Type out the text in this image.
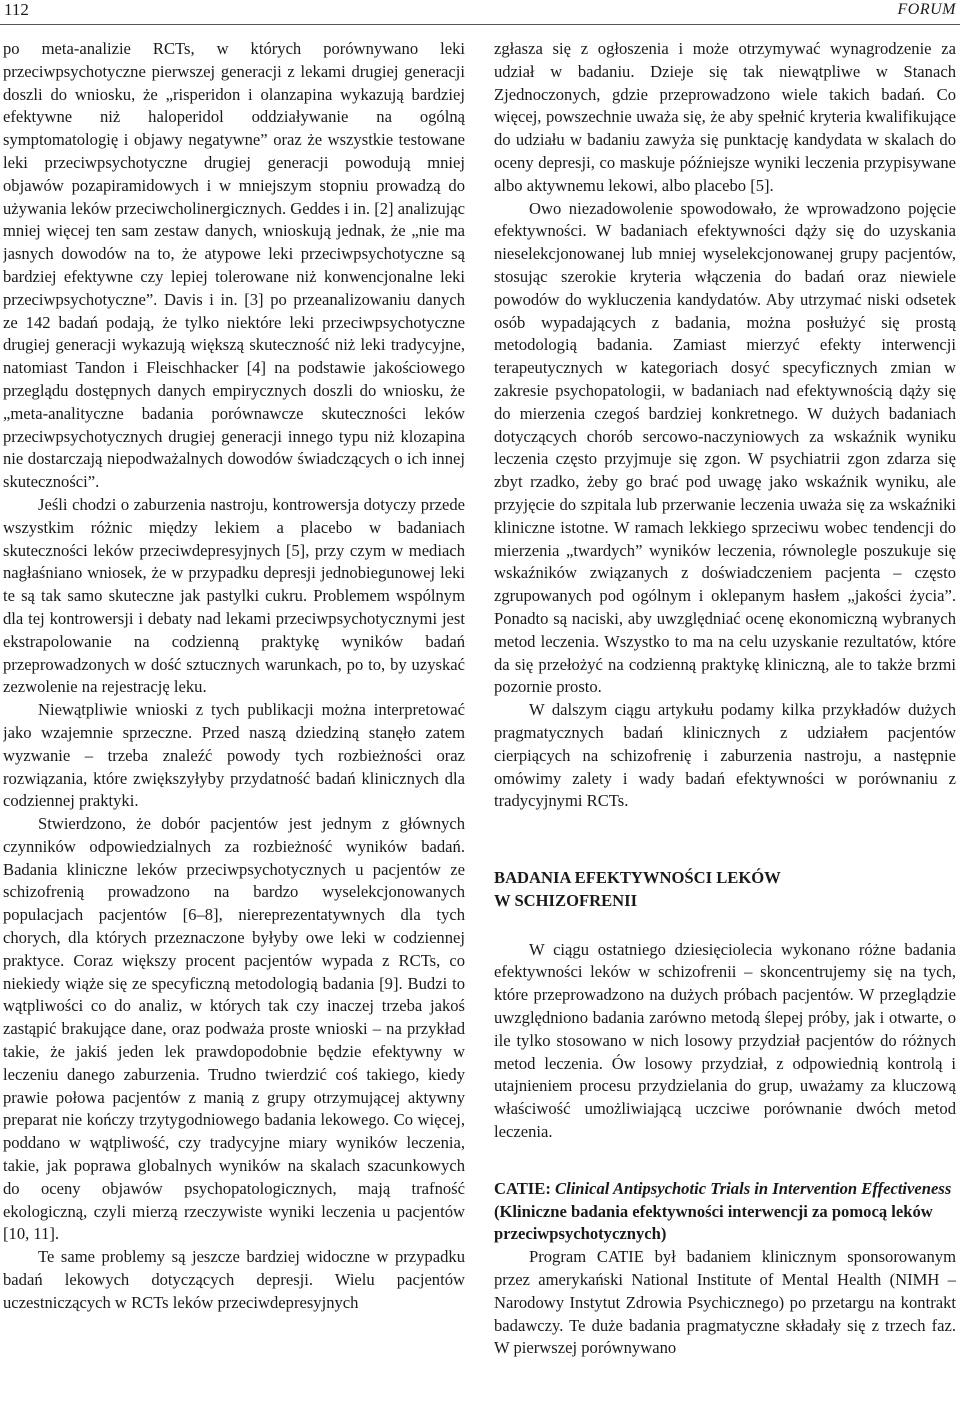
112	FORUM

po meta-analizie RCTs, w których porównywano leki przeciwpsychotyczne pierwszej generacji z lekami drugiej generacji doszli do wniosku, że „risperidon i olanzapina wykazują bardziej efektywne niż haloperidol oddziaływanie na ogólną symptomatologię i objawy negatywne” oraz że wszystkie testowane leki przeciwpsychotyczne drugiej generacji powodują mniej objawów pozapiramidowych i w mniejszym stopniu prowadzą do używania leków przeciwcholinergicznych. Geddes i in. [2] analizując mniej więcej ten sam zestaw danych, wnioskują jednak, że „nie ma jasnych dowodów na to, że atypowe leki przeciwpsychotyczne są bardziej efektywne czy lepiej tolerowane niż konwencjonalne leki przeciwpsychotyczne”. Davis i in. [3] po przeanalizowaniu danych ze 142 badań podają, że tylko niektóre leki przeciwpsychotyczne drugiej generacji wykazują większą skuteczność niż leki tradycyjne, natomiast Tandon i Fleischhacker [4] na podstawie jakościowego przeglądu dostępnych danych empirycznych doszli do wniosku, że „meta-analityczne badania porównawcze skuteczności leków przeciwpsychotycznych drugiej generacji innego typu niż klozapina nie dostarczają niepodważalnych dowodów świadczących o ich innej skuteczności”.

Jeśli chodzi o zaburzenia nastroju, kontrowersja dotyczy przede wszystkim różnic między lekiem a placebo w badaniach skuteczności leków przeciwdepresyjnych [5], przy czym w mediach nagłaśniano wniosek, że w przypadku depresji jednobiegunowej leki te są tak samo skuteczne jak pastylki cukru. Problemem wspólnym dla tej kontrowersji i debaty nad lekami przeciwpsychotycznymi jest ekstrapolowanie na codzienną praktykę wyników badań przeprowadzonych w dość sztucznych warunkach, po to, by uzyskać zezwolenie na rejestrację leku.

Niewątpliwie wnioski z tych publikacji można interpretować jako wzajemnie sprzeczne. Przed naszą dziedziną stanęło zatem wyzwanie – trzeba znaleźć powody tych rozbieżności oraz rozwiązania, które zwiększyłyby przydatność badań klinicznych dla codziennej praktyki.

Stwierdzono, że dobór pacjentów jest jednym z głównych czynników odpowiedzialnych za rozbieżność wyników badań. Badania kliniczne leków przeciwpsychotycznych u pacjentów ze schizofrenią prowadzono na bardzo wyselekcjonowanych populacjach pacjentów [6–8], niereprezentatywnych dla tych chorych, dla których przeznaczone byłyby owe leki w codziennej praktyce. Coraz większy procent pacjentów wypada z RCTs, co niekiedy wiąże się ze specyficzną metodologią badania [9]. Budzi to wątpliwości co do analiz, w których tak czy inaczej trzeba jakoś zastąpić brakujące dane, oraz podważa proste wnioski – na przykład takie, że jakiś jeden lek prawdopodobnie będzie efektywny w leczeniu danego zaburzenia. Trudno twierdzić coś takiego, kiedy prawie połowa pacjentów z manią z grupy otrzymującej aktywny preparat nie kończy trzytygodniowego badania lekowego. Co więcej, poddano w wątpliwość, czy tradycyjne miary wyników leczenia, takie, jak poprawa globalnych wyników na skalach szacunkowych do oceny objawów psychopatologicznych, mają trafność ekologiczną, czyli mierzą rzeczywiste wyniki leczenia u pacjentów [10, 11].

Te same problemy są jeszcze bardziej widoczne w przypadku badań lekowych dotyczących depresji. Wielu pacjentów uczestniczących w RCTs leków przeciwdepresyjnych

zgłasza się z ogłoszenia i może otrzymywać wynagrodzenie za udział w badaniu. Dzieje się tak niewątpliwe w Stanach Zjednoczonych, gdzie przeprowadzono wiele takich badań. Co więcej, powszechnie uważa się, że aby spełnić kryteria kwalifikujące do udziału w badaniu zawyża się punktację kandydata w skalach do oceny depresji, co maskuje późniejsze wyniki leczenia przypisywane albo aktywnemu lekowi, albo placebo [5].

Owo niezadowolenie spowodowało, że wprowadzono pojęcie efektywności. W badaniach efektywności dąży się do uzyskania nieselekcjonowanej lub mniej wyselekcjonowanej grupy pacjentów, stosując szerokie kryteria włączenia do badań oraz niewiele powodów do wykluczenia kandydatów. Aby utrzymać niski odsetek osób wypadających z badania, można posłużyć się prostą metodologią badania. Zamiast mierzyć efekty interwencji terapeutycznych w kategoriach dosyć specyficznych zmian w zakresie psychopatologii, w badaniach nad efektywnością dąży się do mierzenia czegoś bardziej konkretnego. W dużych badaniach dotyczących chorób sercowo-naczyniowych za wskaźnik wyniku leczenia często przyjmuje się zgon. W psychiatrii zgon zdarza się zbyt rzadko, żeby go brać pod uwagę jako wskaźnik wyniku, ale przyjęcie do szpitala lub przerwanie leczenia uważa się za wskaźniki kliniczne istotne. W ramach lekkiego sprzeciwu wobec tendencji do mierzenia „twardych” wyników leczenia, równolegle poszukuje się wskaźników związanych z doświadczeniem pacjenta – często zgrupowanych pod ogólnym i oklepanym hasłem „jakości życia”. Ponadto są naciski, aby uwzględniać ocenę ekonomiczną wybranych metod leczenia. Wszystko to ma na celu uzyskanie rezultatów, które da się przełożyć na codzienną praktykę kliniczną, ale to także brzmi pozornie prosto.

W dalszym ciągu artykułu podamy kilka przykładów dużych pragmatycznych badań klinicznych z udziałem pacjentów cierpiących na schizofrenię i zaburzenia nastroju, a następnie omówimy zalety i wady badań efektywności w porównaniu z tradycyjnymi RCTs.

BADANIA EFEKTYWNOŚCI LEKÓW
W SCHIZOFRENII

W ciągu ostatniego dziesięciolecia wykonano różne badania efektywności leków w schizofrenii – skoncentrujemy się na tych, które przeprowadzono na dużych próbach pacjentów. W przeglądzie uwzględniono badania zarówno metodą ślepej próby, jak i otwarte, o ile tylko stosowano w nich losowy przydział pacjentów do różnych metod leczenia. Ów losowy przydział, z odpowiednią kontrolą i utajnieniem procesu przydzielania do grup, uważamy za kluczową właściwość umożliwiającą uczciwe porównanie dwóch metod leczenia.

CATIE: Clinical Antipsychotic Trials in Intervention Effectiveness (Kliniczne badania efektywności interwencji za pomocą leków przeciwpsychotycznych)

Program CATIE był badaniem klinicznym sponsorowanym przez amerykański National Institute of Mental Health (NIMH – Narodowy Instytut Zdrowia Psychicznego) po przetargu na kontrakt badawczy. Te duże badania pragmatyczne składały się z trzech faz. W pierwszej porównywano
